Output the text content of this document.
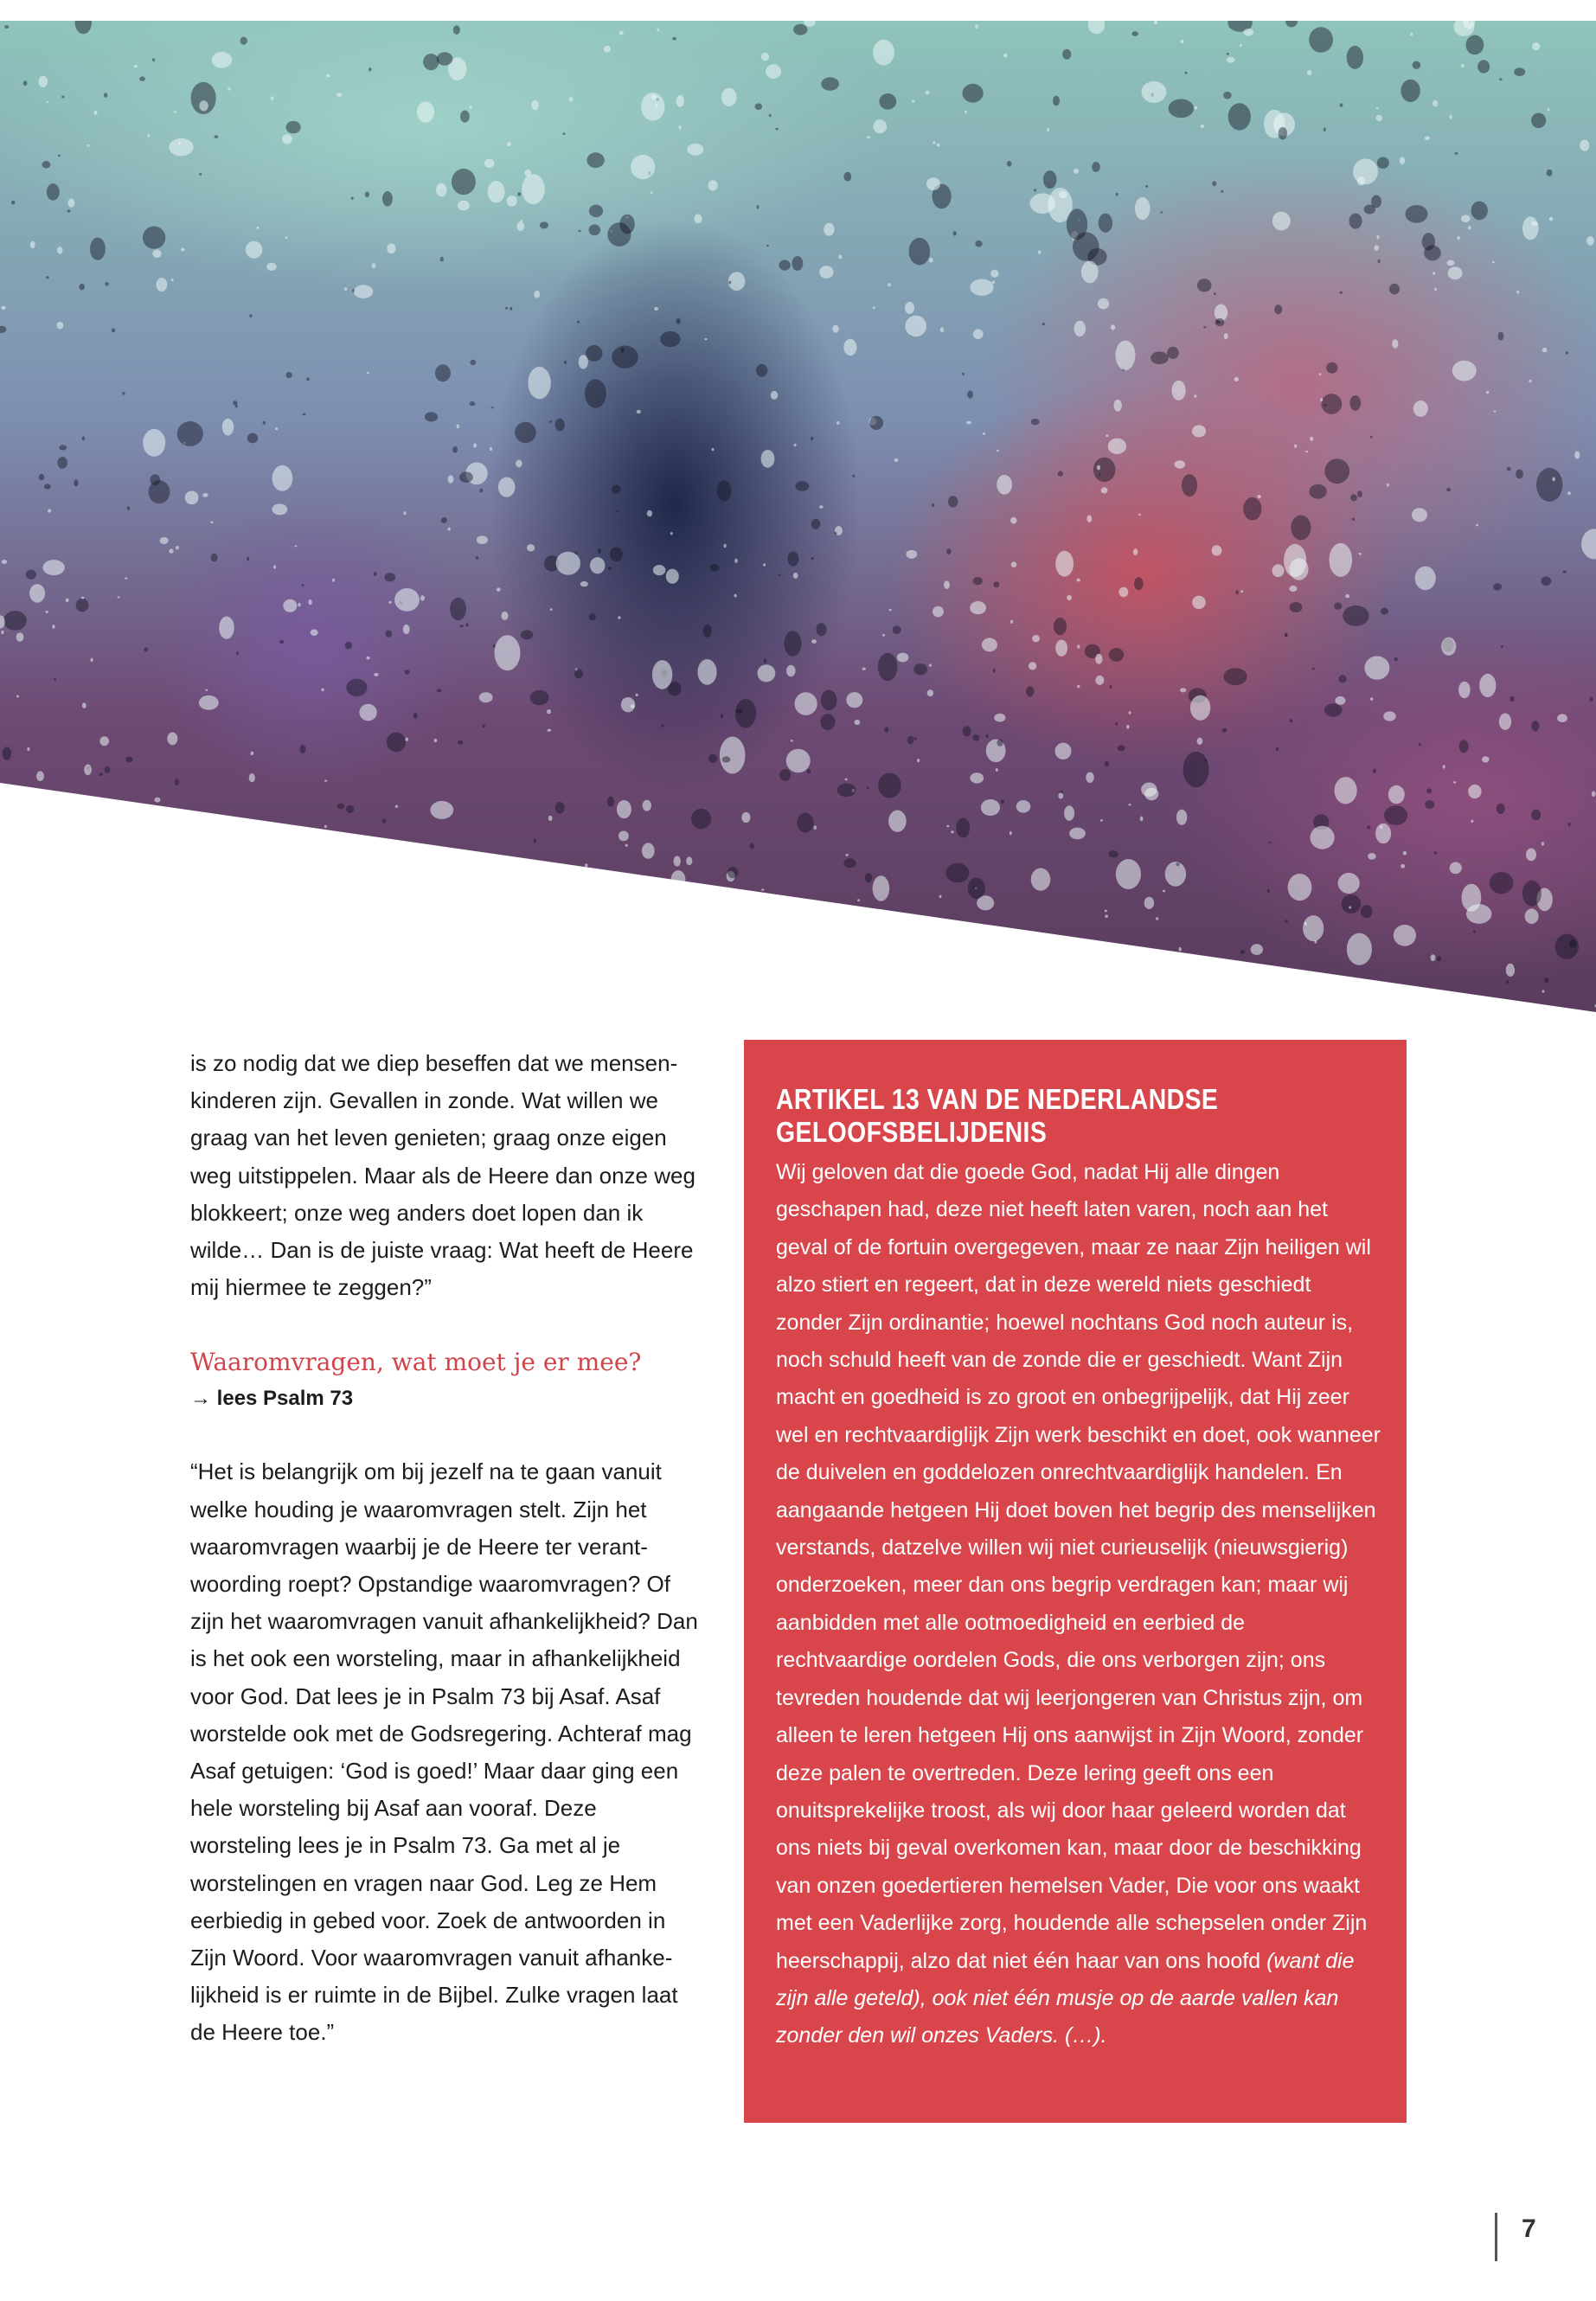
is zo nodig dat we diep beseffen dat we mensenkinderen zijn. Gevallen in zonde. Wat willen we graag van het leven genieten; graag onze eigen weg uitstippelen. Maar als de Heere dan onze weg blokkeert; onze weg anders doet lopen dan ik wilde… Dan is de juiste vraag: Wat heeft de Heere mij hiermee te zeggen?”

Waaromvragen, wat moet je er mee?

→ lees Psalm 73

“Het is belangrijk om bij jezelf na te gaan vanuit welke houding je waaromvragen stelt. Zijn het waaromvragen waarbij je de Heere ter verantwoording roept? Opstandige waaromvragen? Of zijn het waaromvragen vanuit afhankelijkheid? Dan is het ook een worsteling, maar in afhankelijkheid voor God. Dat lees je in Psalm 73 bij Asaf. Asaf worstelde ook met de Godsregering. Achteraf mag Asaf getuigen: ‘God is goed!’ Maar daar ging een hele worsteling bij Asaf aan vooraf. Deze worsteling lees je in Psalm 73. Ga met al je worstelingen en vragen naar God. Leg ze Hem eerbiedig in gebed voor. Zoek de antwoorden in Zijn Woord. Voor waaromvragen vanuit afhankelijkheid is er ruimte in de Bijbel. Zulke vragen laat de Heere toe.”

ARTIKEL 13 VAN DE NEDERLANDSE GELOOFSBELIJDENIS
Wij geloven dat die goede God, nadat Hij alle dingen geschapen had, deze niet heeft laten varen, noch aan het geval of de fortuin overgegeven, maar ze naar Zijn heiligen wil alzo stiert en regeert, dat in deze wereld niets geschiedt zonder Zijn ordinantie; hoewel nochtans God noch auteur is, noch schuld heeft van de zonde die er geschiedt. Want Zijn macht en goedheid is zo groot en onbegrijpelijk, dat Hij zeer wel en rechtvaardiglijk Zijn werk beschikt en doet, ook wanneer de duivelen en goddelozen onrechtvaardiglijk handelen. En aangaande hetgeen Hij doet boven het begrip des menselijken verstands, datzelve willen wij niet curieuselijk (nieuwsgierig) onderzoeken, meer dan ons begrip verdragen kan; maar wij aanbidden met alle ootmoedigheid en eerbied de rechtvaardige oordelen Gods, die ons verborgen zijn; ons tevreden houdende dat wij leerjongeren van Christus zijn, om alleen te leren hetgeen Hij ons aanwijst in Zijn Woord, zonder deze palen te overtreden. Deze lering geeft ons een onuitsprekelijke troost, als wij door haar geleerd worden dat ons niets bij geval overkomen kan, maar door de beschikking van onzen goedertieren hemelsen Vader, Die voor ons waakt met een Vaderlijke zorg, houdende alle schepselen onder Zijn heerschappij, alzo dat niet één haar van ons hoofd (want die zijn alle geteld), ook niet één musje op de aarde vallen kan zonder den wil onzes Vaders. (…).
7
